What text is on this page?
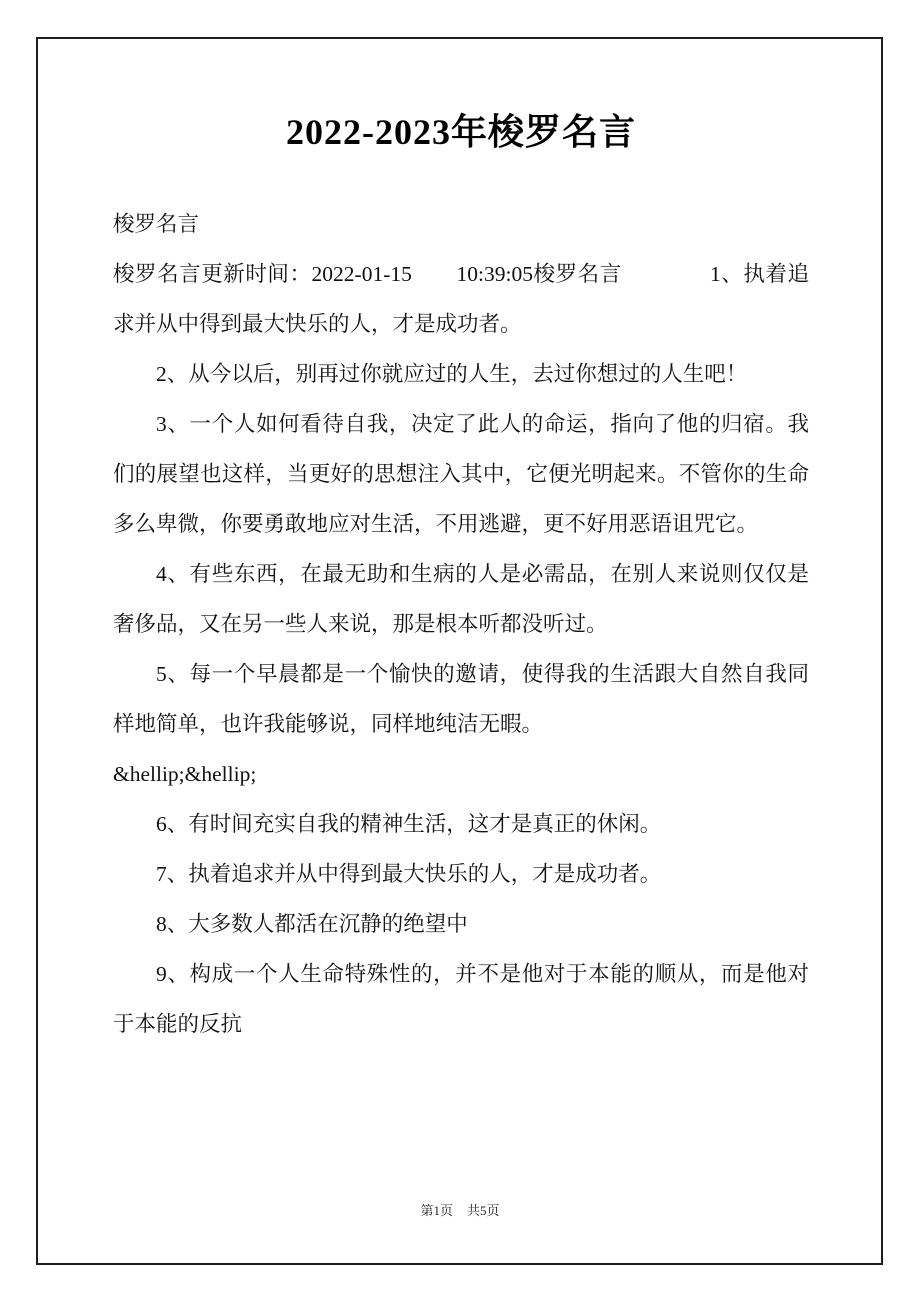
2022-2023年梭罗名言

梭罗名言

梭罗名言更新时间：2022-01-15　　10:39:05梭罗名言　　　　1、执着追求并从中得到最大快乐的人，才是成功者。

2、从今以后，别再过你就应过的人生，去过你想过的人生吧！

3、一个人如何看待自我，决定了此人的命运，指向了他的归宿。我们的展望也这样，当更好的思想注入其中，它便光明起来。不管你的生命多么卑微，你要勇敢地应对生活，不用逃避，更不好用恶语诅咒它。

4、有些东西，在最无助和生病的人是必需品，在别人来说则仅仅是奢侈品，又在另一些人来说，那是根本听都没听过。

5、每一个早晨都是一个愉快的邀请，使得我的生活跟大自然自我同样地简单，也许我能够说，同样地纯洁无暇。

&hellip;&hellip;

6、有时间充实自我的精神生活，这才是真正的休闲。

7、执着追求并从中得到最大快乐的人，才是成功者。

8、大多数人都活在沉静的绝望中

9、构成一个人生命特殊性的，并不是他对于本能的顺从，而是他对于本能的反抗

第1页 共5页
